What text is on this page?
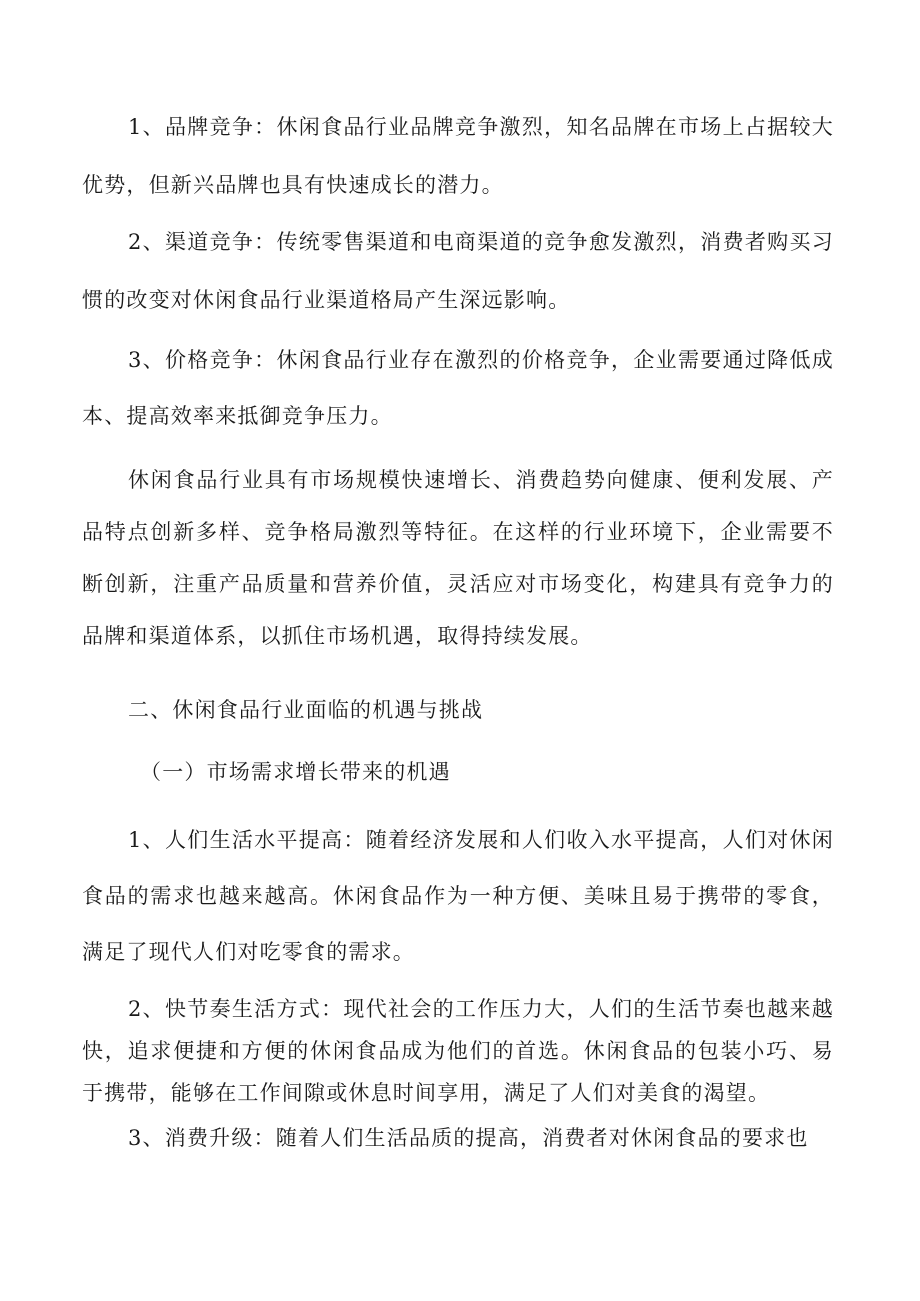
1、品牌竞争：休闲食品行业品牌竞争激烈，知名品牌在市场上占据较大优势，但新兴品牌也具有快速成长的潜力。

2、渠道竞争：传统零售渠道和电商渠道的竞争愈发激烈，消费者购买习惯的改变对休闲食品行业渠道格局产生深远影响。

3、价格竞争：休闲食品行业存在激烈的价格竞争，企业需要通过降低成本、提高效率来抵御竞争压力。

休闲食品行业具有市场规模快速增长、消费趋势向健康、便利发展、产品特点创新多样、竞争格局激烈等特征。在这样的行业环境下，企业需要不断创新，注重产品质量和营养价值，灵活应对市场变化，构建具有竞争力的品牌和渠道体系，以抓住市场机遇，取得持续发展。

二、休闲食品行业面临的机遇与挑战
（一）市场需求增长带来的机遇

1、人们生活水平提高：随着经济发展和人们收入水平提高，人们对休闲食品的需求也越来越高。休闲食品作为一种方便、美味且易于携带的零食，满足了现代人们对吃零食的需求。

2、快节奏生活方式：现代社会的工作压力大，人们的生活节奏也越来越快，追求便捷和方便的休闲食品成为他们的首选。休闲食品的包装小巧、易于携带，能够在工作间隙或休息时间享用，满足了人们对美食的渴望。

3、消费升级：随着人们生活品质的提高，消费者对休闲食品的要求也
